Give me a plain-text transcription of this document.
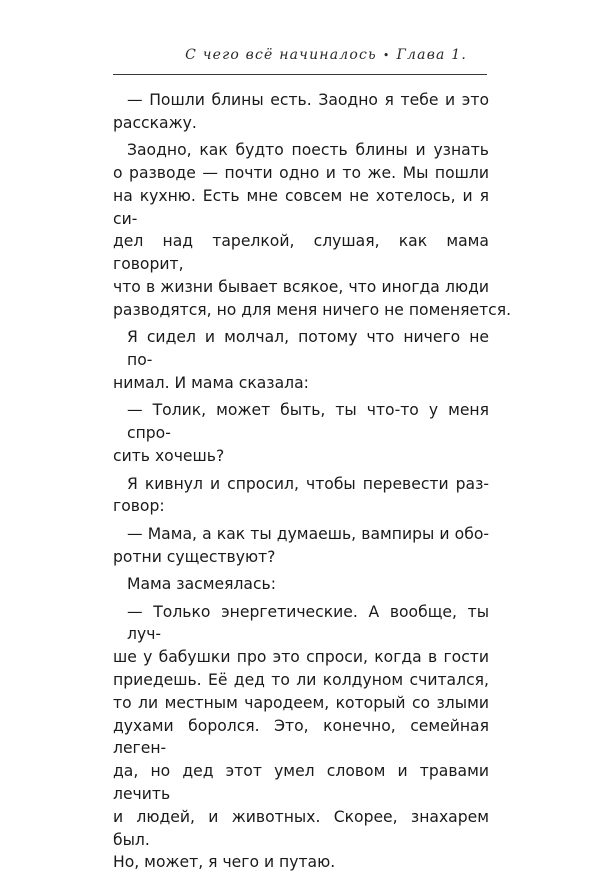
С чего всё начиналось • Глава 1.
— Пошли блины есть. Заодно я тебе и это
расскажу.
Заодно, как будто поесть блины и узнать
о разводе — почти одно и то же. Мы пошли
на кухню. Есть мне совсем не хотелось, и я си-
дел над тарелкой, слушая, как мама говорит,
что в жизни бывает всякое, что иногда люди
разводятся, но для меня ничего не поменяется.
Я сидел и молчал, потому что ничего не по-
нимал. И мама сказала:
— Толик, может быть, ты что-то у меня спро-
сить хочешь?
Я кивнул и спросил, чтобы перевести раз-
говор:
— Мама, а как ты думаешь, вампиры и обо-
ротни существуют?
Мама засмеялась:
— Только энергетические. А вообще, ты луч-
ше у бабушки про это спроси, когда в гости
приедешь. Её дед то ли колдуном считался,
то ли местным чародеем, который со злыми
духами боролся. Это, конечно, семейная леген-
да, но дед этот умел словом и травами лечить
и людей, и животных. Скорее, знахарем был.
Но, может, я чего и путаю.
